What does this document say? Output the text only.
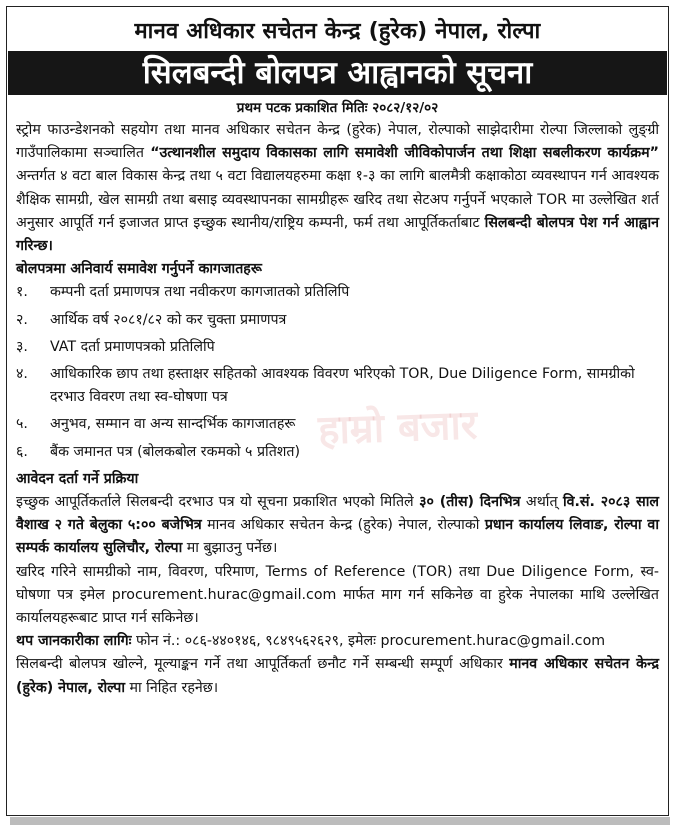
मानव अधिकार सचेतन केन्द्र (हुरेक) नेपाल, रोल्पा
सिलबन्दी बोलपत्र आह्वानको सूचना
प्रथम पटक प्रकाशित मितिः २०८२/१२/०२

स्ट्रोम फाउन्डेशनको सहयोग तथा मानव अधिकार सचेतन केन्द्र (हुरेक) नेपाल, रोल्पाको साझेदारीमा रोल्पा जिल्लाको लुङ्ग्री गाउँपालिकामा सञ्चालित “उत्थानशील समुदाय विकासका लागि समावेशी जीविकोपार्जन तथा शिक्षा सबलीकरण कार्यक्रम” अन्तर्गत ४ वटा बाल विकास केन्द्र तथा ५ वटा विद्यालयहरुमा कक्षा १-३ का लागि बालमैत्री कक्षाकोठा व्यवस्थापन गर्न आवश्यक शैक्षिक सामग्री, खेल सामग्री तथा बसाइ व्यवस्थापनका सामग्रीहरू खरिद तथा सेटअप गर्नुपर्ने भएकाले TOR मा उल्लेखित शर्त अनुसार आपूर्ति गर्न इजाजत प्राप्त इच्छुक स्थानीय/राष्ट्रिय कम्पनी, फर्म तथा आपूर्तिकर्ताबाट सिलबन्दी बोलपत्र पेश गर्न आह्वान गरिन्छ।

बोलपत्रमा अनिवार्य समावेश गर्नुपर्ने कागजातहरू
१.	कम्पनी दर्ता प्रमाणपत्र तथा नवीकरण कागजातको प्रतिलिपि
२.	आर्थिक वर्ष २०८१/८२ को कर चुक्ता प्रमाणपत्र
३.	VAT दर्ता प्रमाणपत्रको प्रतिलिपि
४.	आधिकारिक छाप तथा हस्ताक्षर सहितको आवश्यक विवरण भरिएको TOR, Due Diligence Form, सामग्रीको दरभाउ विवरण तथा स्व-घोषणा पत्र
५.	अनुभव, सम्मान वा अन्य सान्दर्भिक कागजातहरू
६.	बैंक जमानत पत्र (बोलकबोल रकमको ५ प्रतिशत)
आवेदन दर्ता गर्ने प्रक्रिया

इच्छुक आपूर्तिकर्ताले सिलबन्दी दरभाउ पत्र यो सूचना प्रकाशित भएको मितिले ३० (तीस) दिनभित्र अर्थात् वि.सं. २०८३ साल वैशाख २ गते बेलुका ५:०० बजेभित्र मानव अधिकार सचेतन केन्द्र (हुरेक) नेपाल, रोल्पाको प्रधान कार्यालय लिवाङ, रोल्पा वा सम्पर्क कार्यालय सुलिचौर, रोल्पा मा बुझाउनु पर्नेछ।

खरिद गरिने सामग्रीको नाम, विवरण, परिमाण, Terms of Reference (TOR) तथा Due Diligence Form, स्व-घोषणा पत्र इमेल procurement.hurac@gmail.com मार्फत माग गर्न सकिनेछ वा हुरेक नेपालका माथि उल्लेखित कार्यालयहरूबाट प्राप्त गर्न सकिनेछ।

थप जानकारीका लागिः फोन नं.: ०८६-४४०१४६, ९८४९५६२६२९, इमेलः procurement.hurac@gmail.com

सिलबन्दी बोलपत्र खोल्ने, मूल्याङ्कन गर्ने तथा आपूर्तिकर्ता छनौट गर्ने सम्बन्धी सम्पूर्ण अधिकार मानव अधिकार सचेतन केन्द्र (हुरेक) नेपाल, रोल्पा मा निहित रहनेछ।

हाम्रो बजार
